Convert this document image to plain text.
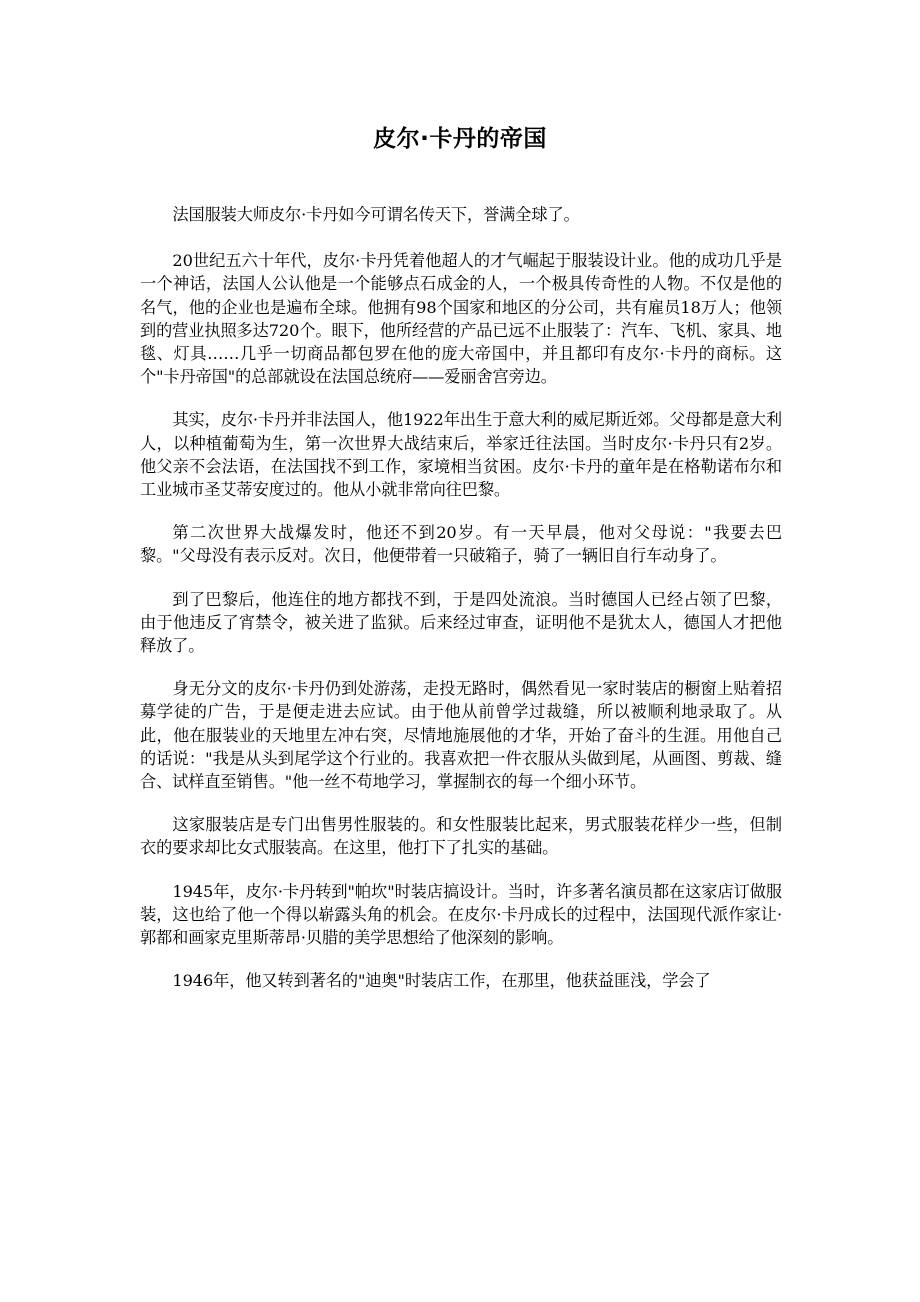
皮尔·卡丹的帝国

法国服装大师皮尔·卡丹如今可谓名传天下，誉满全球了。

20世纪五六十年代，皮尔·卡丹凭着他超人的才气崛起于服装设计业。他的成功几乎是一个神话，法国人公认他是一个能够点石成金的人，一个极具传奇性的人物。不仅是他的名气，他的企业也是遍布全球。他拥有98个国家和地区的分公司，共有雇员18万人；他领到的营业执照多达720个。眼下，他所经营的产品已远不止服装了：汽车、飞机、家具、地毯、灯具……几乎一切商品都包罗在他的庞大帝国中，并且都印有皮尔·卡丹的商标。这个"卡丹帝国"的总部就设在法国总统府——爱丽舍宫旁边。

其实，皮尔·卡丹并非法国人，他1922年出生于意大利的威尼斯近郊。父母都是意大利人，以种植葡萄为生，第一次世界大战结束后，举家迁往法国。当时皮尔·卡丹只有2岁。他父亲不会法语，在法国找不到工作，家境相当贫困。皮尔·卡丹的童年是在格勒诺布尔和工业城市圣艾蒂安度过的。他从小就非常向往巴黎。

第二次世界大战爆发时，他还不到20岁。有一天早晨，他对父母说："我要去巴黎。"父母没有表示反对。次日，他便带着一只破箱子，骑了一辆旧自行车动身了。

到了巴黎后，他连住的地方都找不到，于是四处流浪。当时德国人已经占领了巴黎，由于他违反了宵禁令，被关进了监狱。后来经过审查，证明他不是犹太人，德国人才把他释放了。

身无分文的皮尔·卡丹仍到处游荡，走投无路时，偶然看见一家时装店的橱窗上贴着招募学徒的广告，于是便走进去应试。由于他从前曾学过裁缝，所以被顺利地录取了。从此，他在服装业的天地里左冲右突，尽情地施展他的才华，开始了奋斗的生涯。用他自己的话说："我是从头到尾学这个行业的。我喜欢把一件衣服从头做到尾，从画图、剪裁、缝合、试样直至销售。"他一丝不苟地学习，掌握制衣的每一个细小环节。

这家服装店是专门出售男性服装的。和女性服装比起来，男式服装花样少一些，但制衣的要求却比女式服装高。在这里，他打下了扎实的基础。

1945年，皮尔·卡丹转到"帕坎"时装店搞设计。当时，许多著名演员都在这家店订做服装，这也给了他一个得以崭露头角的机会。在皮尔·卡丹成长的过程中，法国现代派作家让·郭都和画家克里斯蒂昂·贝腊的美学思想给了他深刻的影响。

1946年，他又转到著名的"迪奥"时装店工作，在那里，他获益匪浅，学会了
